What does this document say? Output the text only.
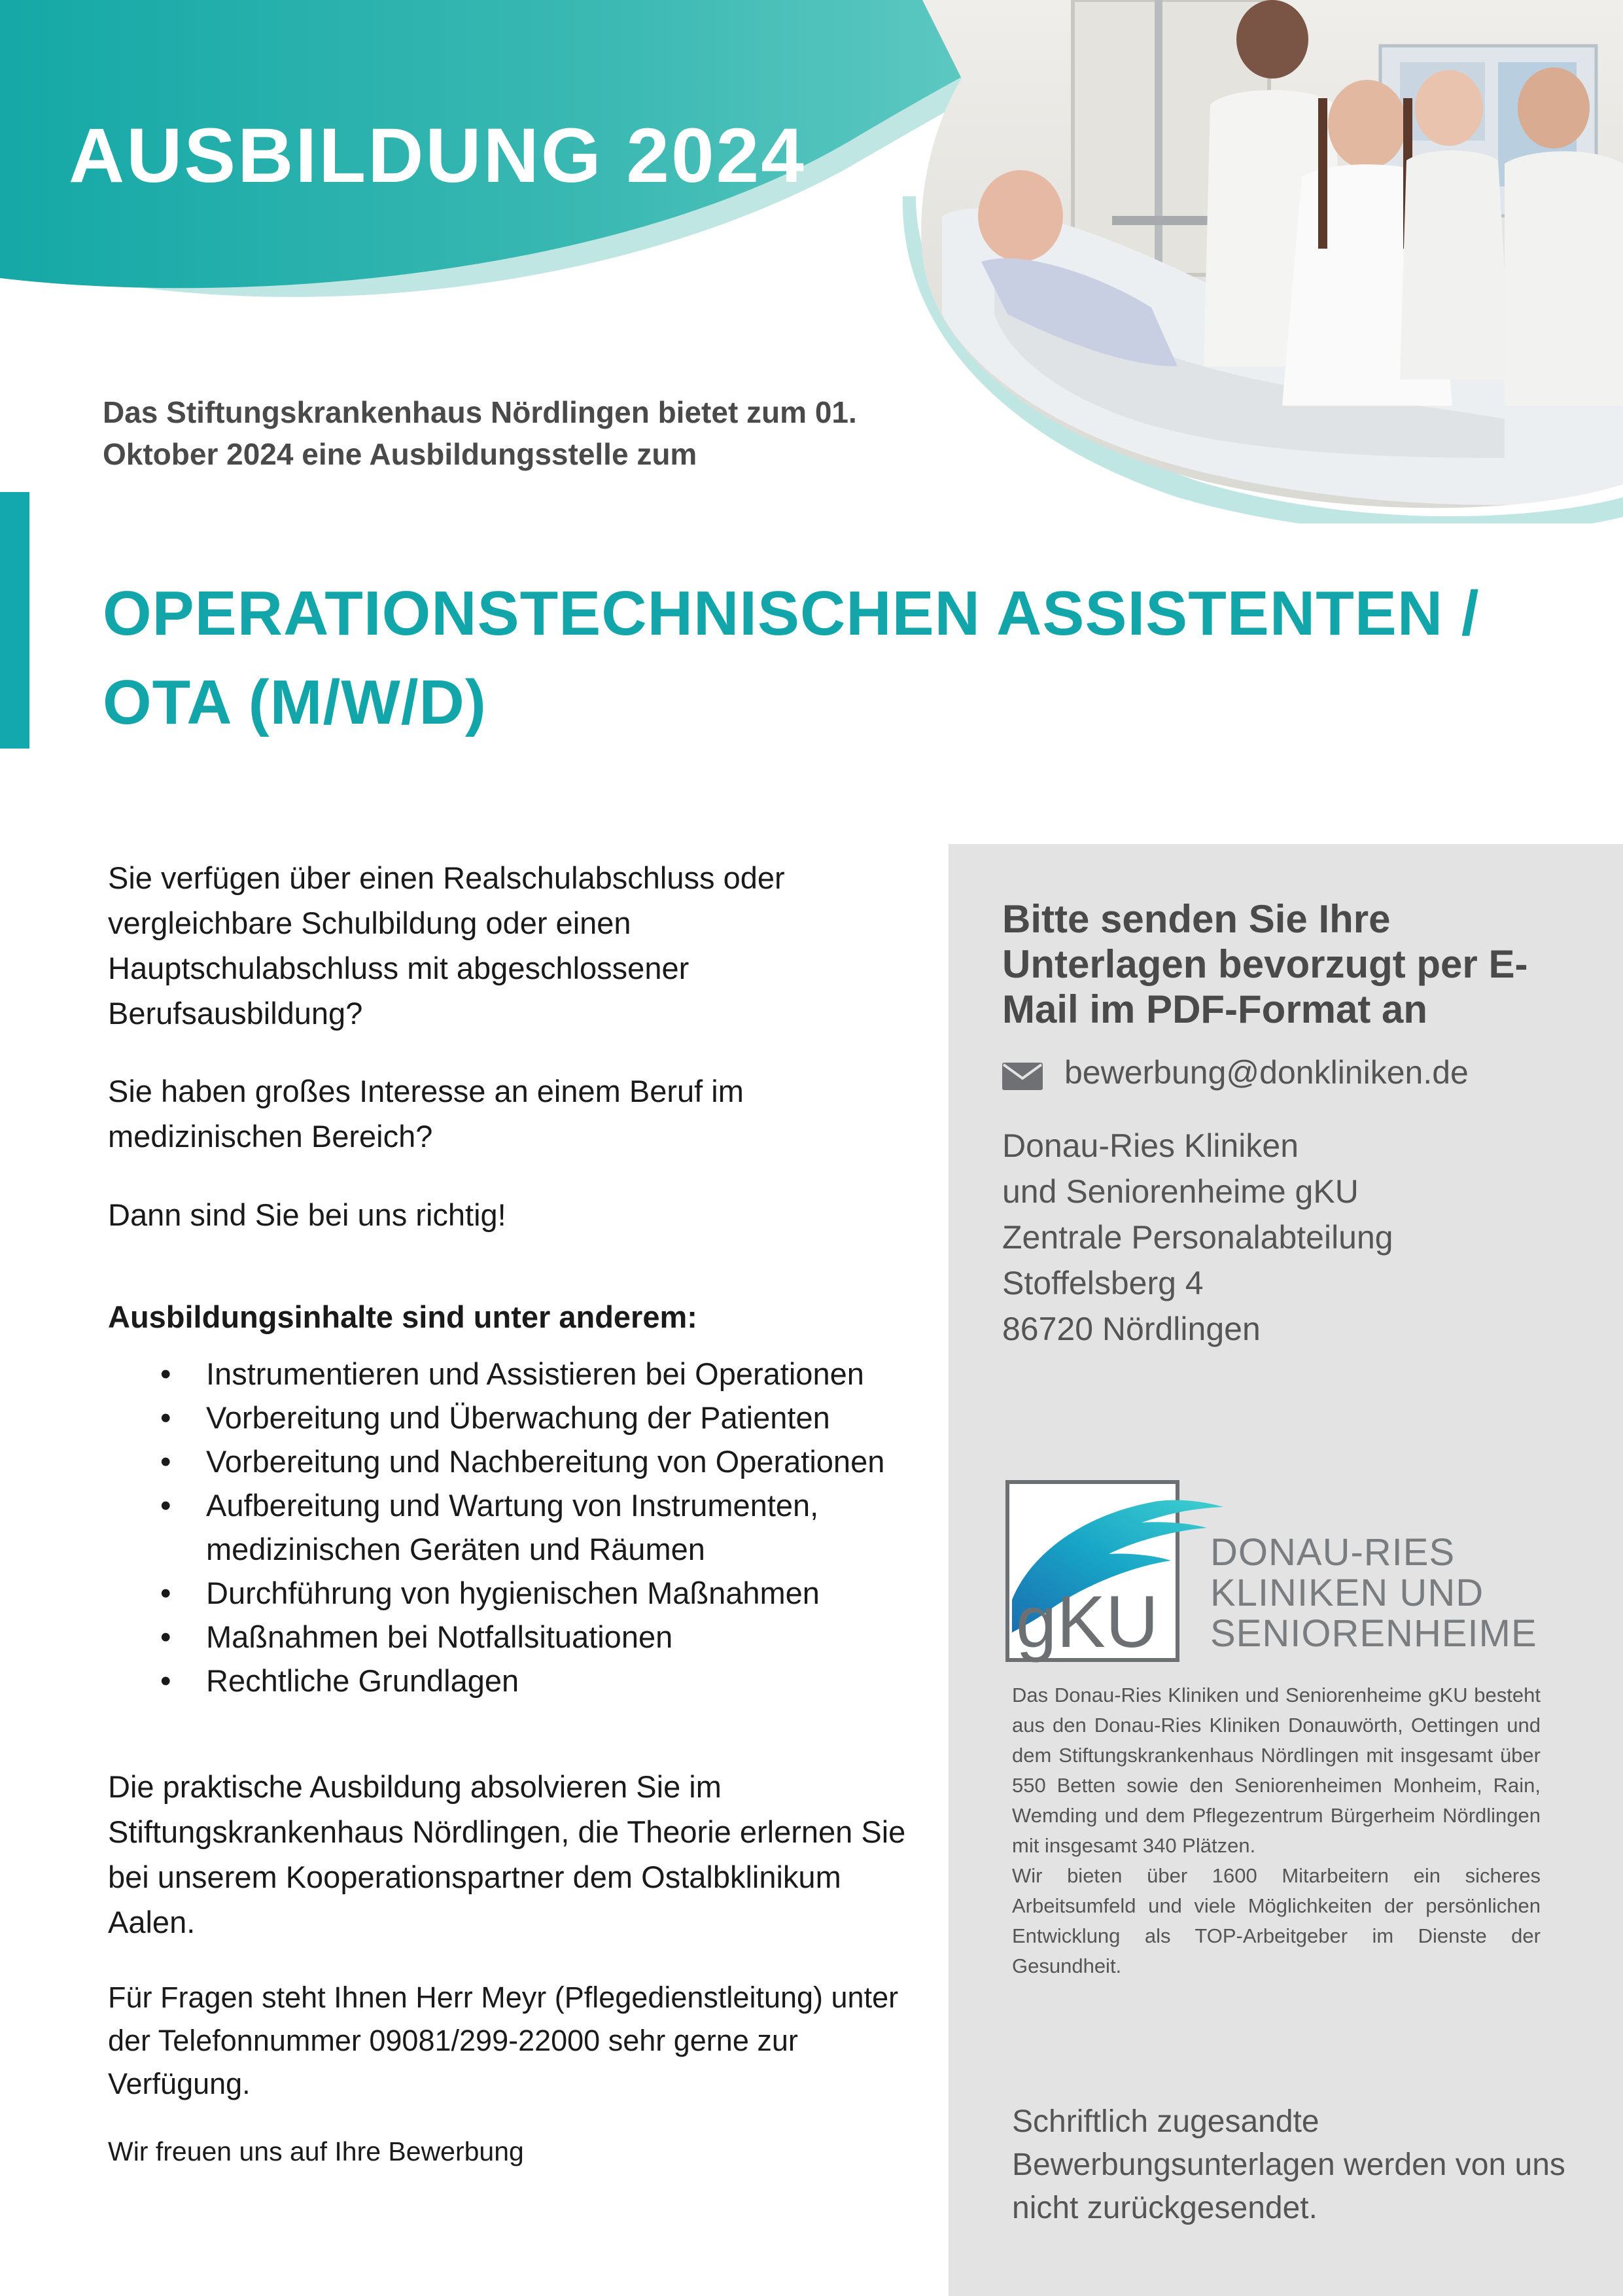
AUSBILDUNG 2024
Das Stiftungskrankenhaus Nördlingen bietet zum 01. Oktober 2024 eine Ausbildungsstelle zum
OPERATIONSTECHNISCHEN ASSISTENTEN / OTA (M/W/D)
Sie verfügen über einen Realschulabschluss oder vergleichbare Schulbildung oder einen Hauptschulabschluss mit abgeschlossener Berufsausbildung?
Sie haben großes Interesse an einem Beruf im medizinischen Bereich?
Dann sind Sie bei uns richtig!
Ausbildungsinhalte sind unter anderem:
• Instrumentieren und Assistieren bei Operationen
• Vorbereitung und Überwachung der Patienten
• Vorbereitung und Nachbereitung von Operationen
• Aufbereitung und Wartung von Instrumenten, medizinischen Geräten und Räumen
• Durchführung von hygienischen Maßnahmen
• Maßnahmen bei Notfallsituationen
• Rechtliche Grundlagen
Die praktische Ausbildung absolvieren Sie im Stiftungskrankenhaus Nördlingen, die Theorie erlernen Sie bei unserem Kooperationspartner dem Ostalbklinikum Aalen.
Für Fragen steht Ihnen Herr Meyr (Pflegedienstleitung) unter der Telefonnummer 09081/299-22000 sehr gerne zur Verfügung.
Wir freuen uns auf Ihre Bewerbung
Bitte senden Sie Ihre Unterlagen bevorzugt per E-Mail im PDF-Format an
bewerbung@donkliniken.de
Donau-Ries Kliniken
und Seniorenheime gKU
Zentrale Personalabteilung
Stoffelsberg 4
86720 Nördlingen
gKU
DONAU-RIES
KLINIKEN UND
SENIORENHEIME

Das Donau-Ries Kliniken und Seniorenheime gKU besteht aus den Donau-Ries Kliniken Donauwörth, Oettingen und dem Stiftungskrankenhaus Nördlingen mit insgesamt über 550 Betten sowie den Seniorenheimen Monheim, Rain, Wemding und dem Pflegezentrum Bürgerheim Nördlingen mit insgesamt 340 Plätzen.

Wir bieten über 1600 Mitarbeitern ein sicheres Arbeitsumfeld und viele Möglichkeiten der persönlichen Entwicklung als TOP-Arbeitgeber im Dienste der Gesundheit.

Schriftlich zugesandte Bewerbungsunterlagen werden von uns nicht zurückgesendet.
